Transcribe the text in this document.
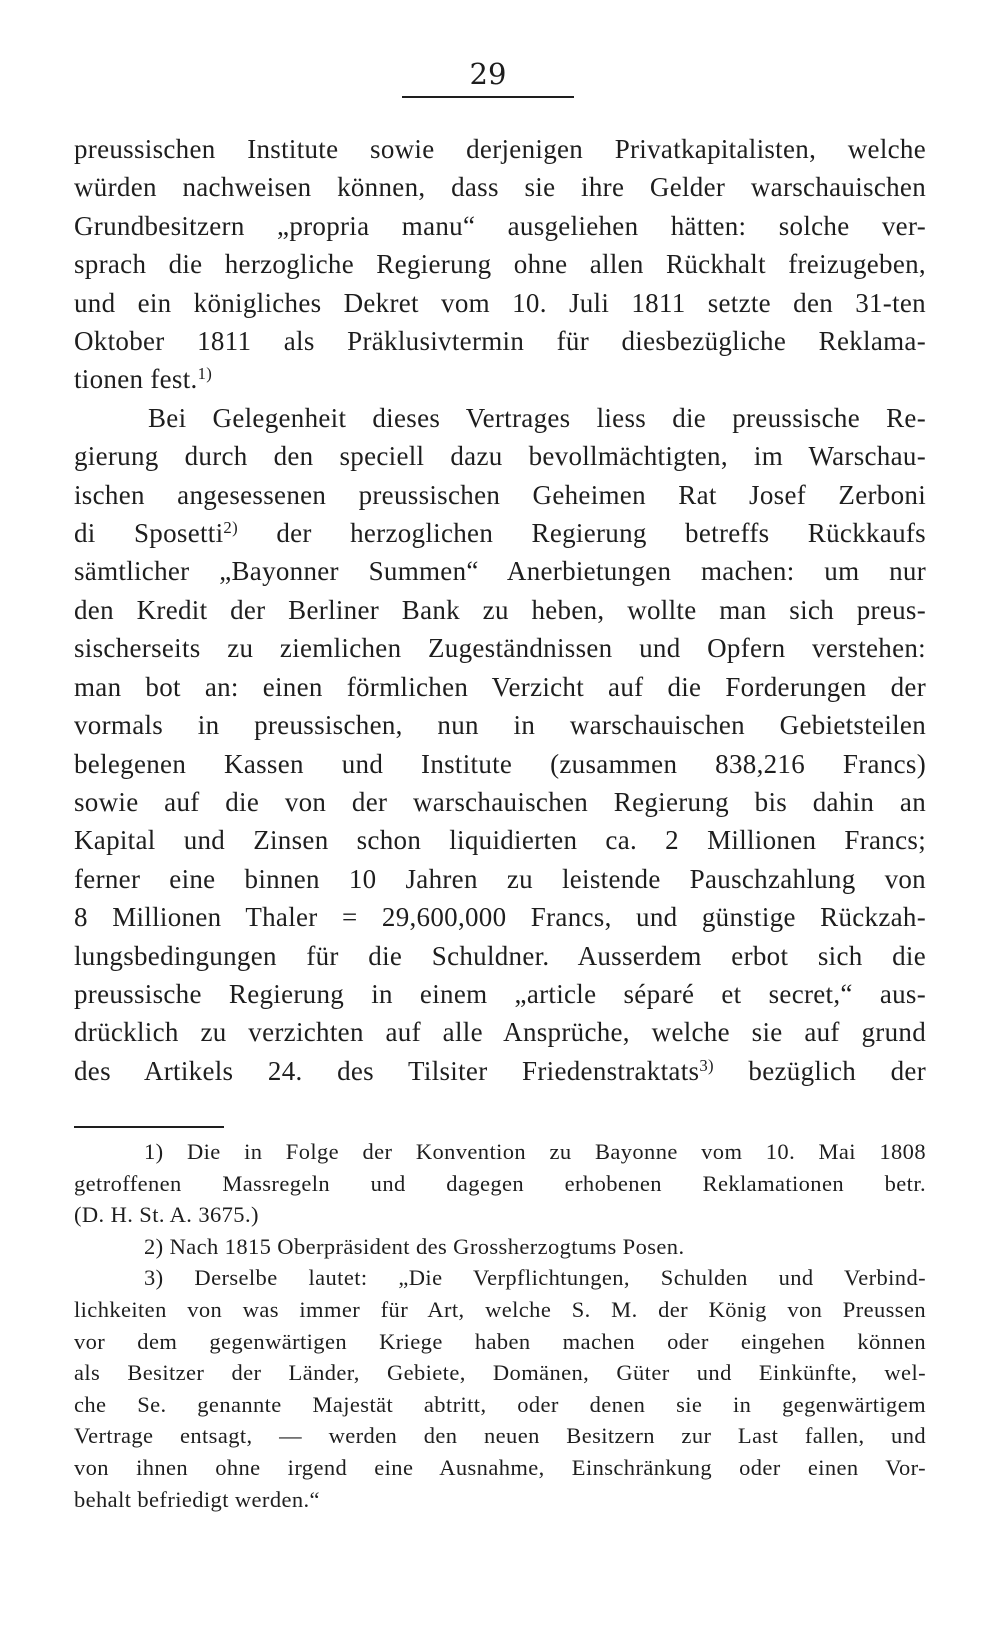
29

preussischen Institute sowie derjenigen Privatkapitalisten, welche
würden nachweisen können, dass sie ihre Gelder warschauischen
Grundbesitzern „propria manu“ ausgeliehen hätten: solche ver-
sprach die herzogliche Regierung ohne allen Rückhalt freizugeben,
und ein königliches Dekret vom 10. Juli 1811 setzte den 31-ten
Oktober 1811 als Präklusivtermin für diesbezügliche Reklama-
tionen fest.$^{1)}$

Bei Gelegenheit dieses Vertrages liess die preussische Re-
gierung durch den speciell dazu bevollmächtigten, im Warschau-
ischen angesessenen preussischen Geheimen Rat Josef Zerboni
di Sposetti$^{2)}$ der herzoglichen Regierung betreffs Rückkaufs
sämtlicher „Bayonner Summen“ Anerbietungen machen: um nur
den Kredit der Berliner Bank zu heben, wollte man sich preus-
sischerseits zu ziemlichen Zugeständnissen und Opfern verstehen:
man bot an: einen förmlichen Verzicht auf die Forderungen der
vormals in preussischen, nun in warschauischen Gebietsteilen
belegenen Kassen und Institute (zusammen 838,216 Francs)
sowie auf die von der warschauischen Regierung bis dahin an
Kapital und Zinsen schon liquidierten ca. 2 Millionen Francs;
ferner eine binnen 10 Jahren zu leistende Pauschzahlung von
8 Millionen Thaler = 29,600,000 Francs, und günstige Rückzah-
lungsbedingungen für die Schuldner. Ausserdem erbot sich die
preussische Regierung in einem „article séparé et secret,“ aus-
drücklich zu verzichten auf alle Ansprüche, welche sie auf grund
des Artikels 24. des Tilsiter Friedenstraktats$^{3)}$ bezüglich der

1) Die in Folge der Konvention zu Bayonne vom 10. Mai 1808
getroffenen Massregeln und dagegen erhobenen Reklamationen betr.
(D. H. St. A. 3675.)
2) Nach 1815 Oberpräsident des Grossherzogtums Posen.
3) Derselbe lautet: „Die Verpflichtungen, Schulden und Verbind-
lichkeiten von was immer für Art, welche S. M. der König von Preussen
vor dem gegenwärtigen Kriege haben machen oder eingehen können
als Besitzer der Länder, Gebiete, Domänen, Güter und Einkünfte, wel-
che Se. genannte Majestät abtritt, oder denen sie in gegenwärtigem
Vertrage entsagt, — werden den neuen Besitzern zur Last fallen, und
von ihnen ohne irgend eine Ausnahme, Einschränkung oder einen Vor-
behalt befriedigt werden.“
